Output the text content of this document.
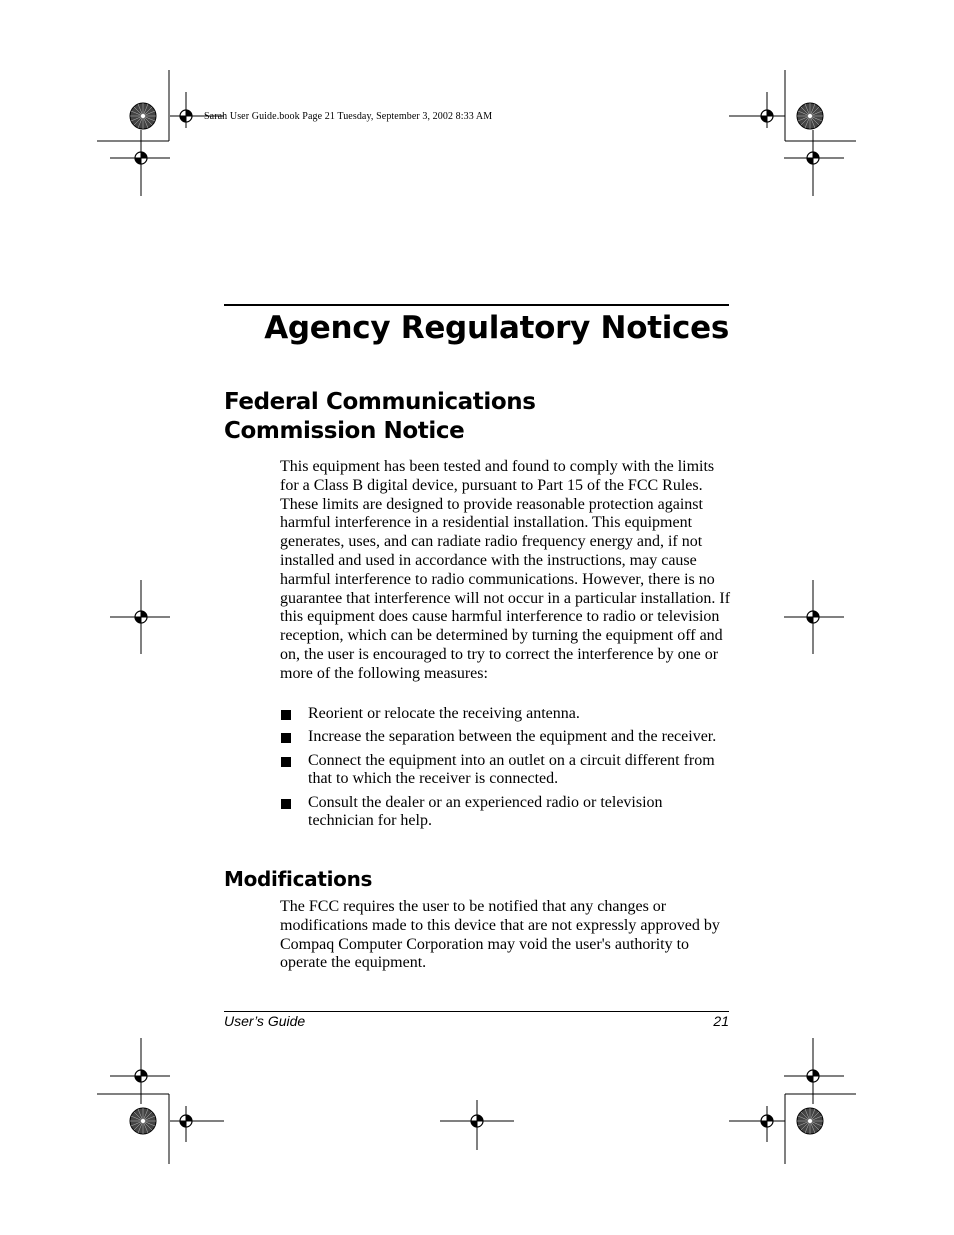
Sarah User Guide.book Page 21 Tuesday, September 3, 2002 8:33 AM
Agency Regulatory Notices
Federal Communications
Commission Notice

This equipment has been tested and found to comply with the limits for a Class B digital device, pursuant to Part 15 of the FCC Rules. These limits are designed to provide reasonable protection against harmful interference in a residential installation. This equipment generates, uses, and can radiate radio frequency energy and, if not installed and used in accordance with the instructions, may cause harmful interference to radio communications. However, there is no guarantee that interference will not occur in a particular installation. If this equipment does cause harmful interference to radio or television reception, which can be determined by turning the equipment off and on, the user is encouraged to try to correct the interference by one or more of the following measures:

Reorient or relocate the receiving antenna.
Increase the separation between the equipment and the receiver.
Connect the equipment into an outlet on a circuit different from that to which the receiver is connected.
Consult the dealer or an experienced radio or television technician for help.
Modifications

The FCC requires the user to be notified that any changes or modifications made to this device that are not expressly approved by Compaq Computer Corporation may void the user's authority to operate the equipment.

User’s Guide	21
